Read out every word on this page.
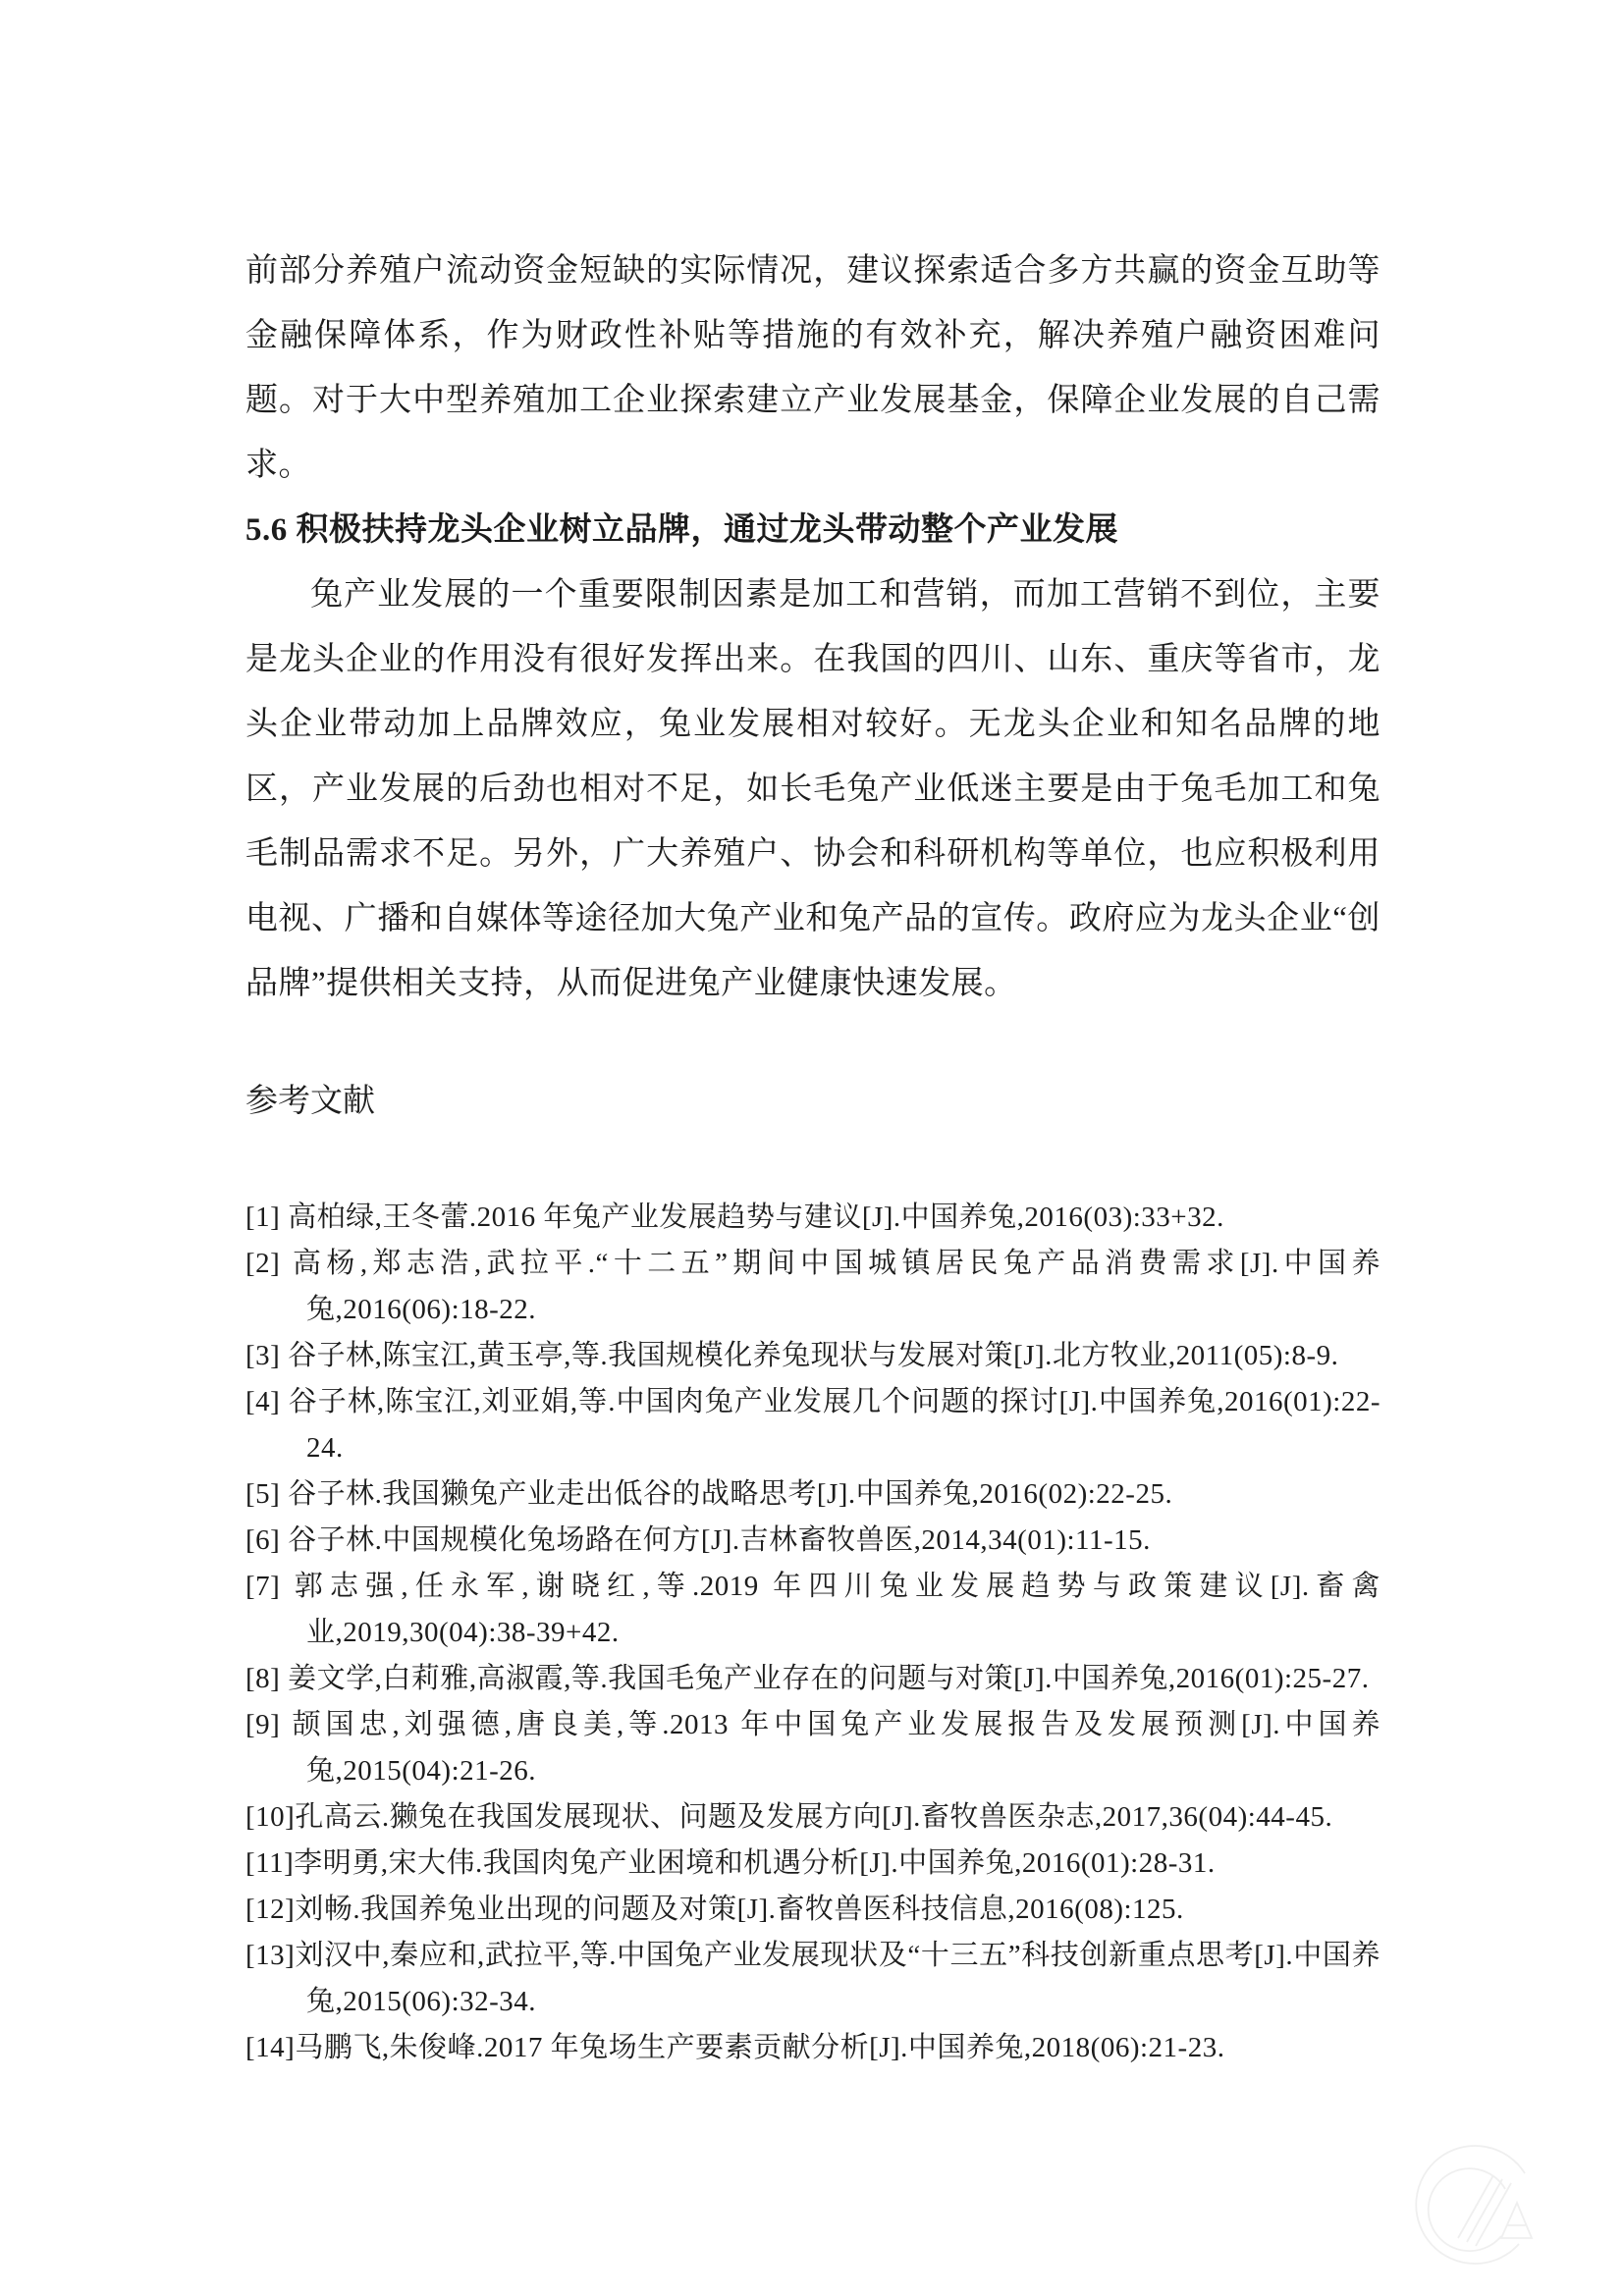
前部分养殖户流动资金短缺的实际情况，建议探索适合多方共赢的资金互助等金融保障体系，作为财政性补贴等措施的有效补充，解决养殖户融资困难问题。对于大中型养殖加工企业探索建立产业发展基金，保障企业发展的自己需求。

5.6 积极扶持龙头企业树立品牌，通过龙头带动整个产业发展

兔产业发展的一个重要限制因素是加工和营销，而加工营销不到位，主要是龙头企业的作用没有很好发挥出来。在我国的四川、山东、重庆等省市，龙头企业带动加上品牌效应，兔业发展相对较好。无龙头企业和知名品牌的地区，产业发展的后劲也相对不足，如长毛兔产业低迷主要是由于兔毛加工和兔毛制品需求不足。另外，广大养殖户、协会和科研机构等单位，也应积极利用电视、广播和自媒体等途径加大兔产业和兔产品的宣传。政府应为龙头企业“创品牌”提供相关支持，从而促进兔产业健康快速发展。

参考文献

[1] 高柏绿,王冬蕾.2016 年兔产业发展趋势与建议[J].中国养兔,2016(03):33+32.

[2] 高杨,郑志浩,武拉平.“十二五”期间中国城镇居民兔产品消费需求[J].中国养兔,2016(06):18-22.

[3] 谷子林,陈宝江,黄玉亭,等.我国规模化养兔现状与发展对策[J].北方牧业,2011(05):8-9.

[4] 谷子林,陈宝江,刘亚娟,等.中国肉兔产业发展几个问题的探讨[J].中国养兔,2016(01):22-24.

[5] 谷子林.我国獭兔产业走出低谷的战略思考[J].中国养兔,2016(02):22-25.

[6] 谷子林.中国规模化兔场路在何方[J].吉林畜牧兽医,2014,34(01):11-15.

[7] 郭志强,任永军,谢晓红,等.2019 年四川兔业发展趋势与政策建议[J].畜禽业,2019,30(04):38-39+42.

[8] 姜文学,白莉雅,高淑霞,等.我国毛兔产业存在的问题与对策[J].中国养兔,2016(01):25-27.

[9] 颉国忠,刘强德,唐良美,等.2013 年中国兔产业发展报告及发展预测[J].中国养兔,2015(04):21-26.

[10]孔高云.獭兔在我国发展现状、问题及发展方向[J].畜牧兽医杂志,2017,36(04):44-45.

[11]李明勇,宋大伟.我国肉兔产业困境和机遇分析[J].中国养兔,2016(01):28-31.

[12]刘畅.我国养兔业出现的问题及对策[J].畜牧兽医科技信息,2016(08):125.

[13]刘汉中,秦应和,武拉平,等.中国兔产业发展现状及“十三五”科技创新重点思考[J].中国养兔,2015(06):32-34.

[14]马鹏飞,朱俊峰.2017 年兔场生产要素贡献分析[J].中国养兔,2018(06):21-23.
